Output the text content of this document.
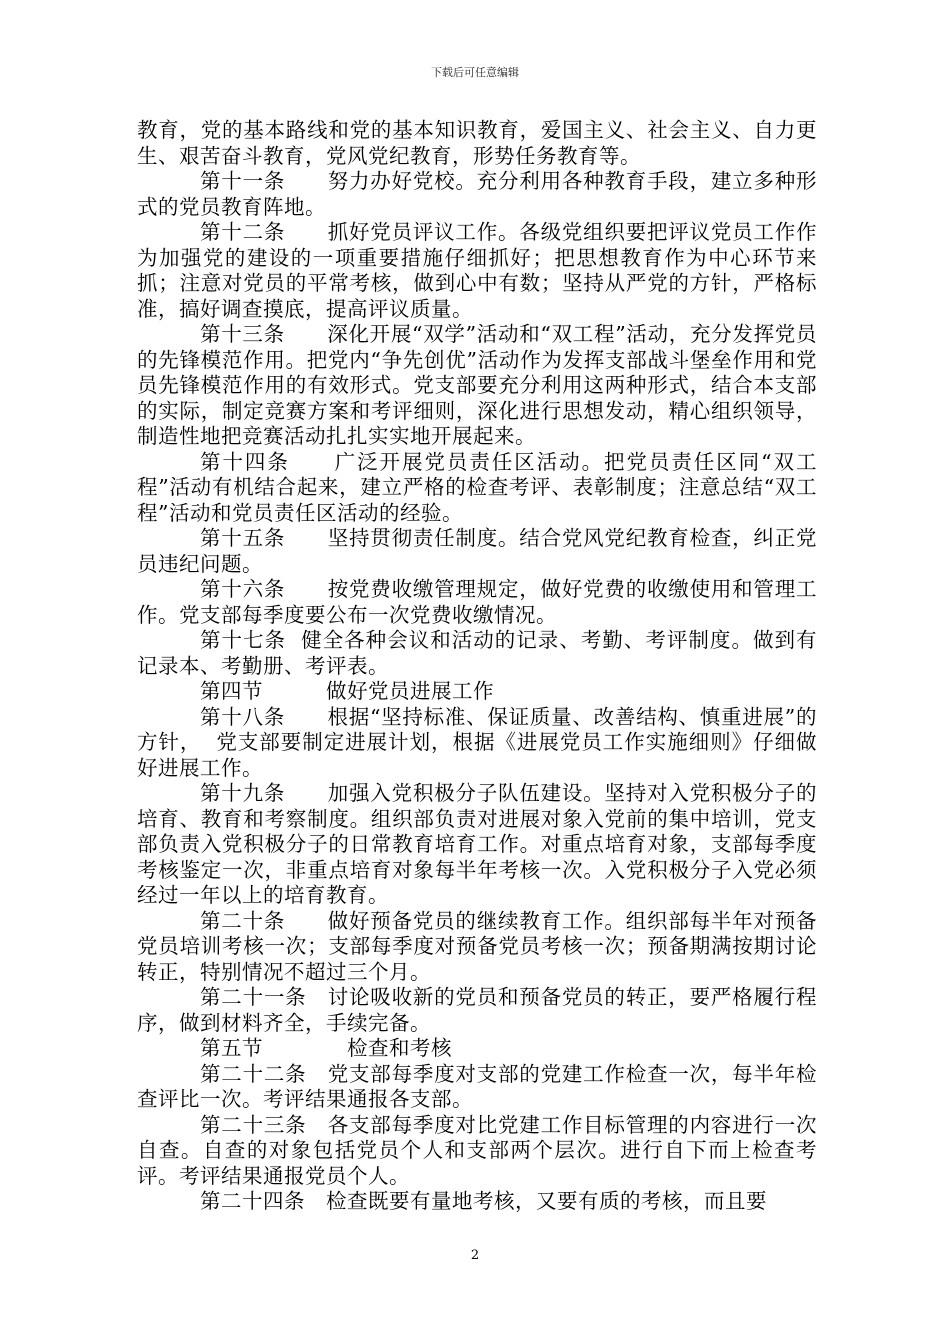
下载后可任意编辑

教育，党的基本路线和党的基本知识教育，爱国主义、社会主义、自力更生、艰苦奋斗教育，党风党纪教育，形势任务教育等。

第十一条　　努力办好党校。充分利用各种教育手段，建立多种形式的党员教育阵地。

第十二条　　抓好党员评议工作。各级党组织要把评议党员工作作为加强党的建设的一项重要措施仔细抓好；把思想教育作为中心环节来抓；注意对党员的平常考核，做到心中有数；坚持从严党的方针，严格标准，搞好调查摸底，提高评议质量。

第十三条　　深化开展“双学”活动和“双工程”活动，充分发挥党员的先锋模范作用。把党内“争先创优”活动作为发挥支部战斗堡垒作用和党员先锋模范作用的有效形式。党支部要充分利用这两种形式，结合本支部的实际，制定竞赛方案和考评细则，深化进行思想发动，精心组织领导，制造性地把竞赛活动扎扎实实地开展起来。

第十四条　　广泛开展党员责任区活动。把党员责任区同“双工程”活动有机结合起来，建立严格的检查考评、表彰制度；注意总结“双工程”活动和党员责任区活动的经验。

第十五条　　坚持贯彻责任制度。结合党风党纪教育检查，纠正党员违纪问题。

第十六条　　按党费收缴管理规定，做好党费的收缴使用和管理工作。党支部每季度要公布一次党费收缴情况。

第十七条  健全各种会议和活动的记录、考勤、考评制度。做到有记录本、考勤册、考评表。

第四节　　　做好党员进展工作

第十八条　　根据“坚持标准、保证质量、改善结构、慎重进展”的方针，  党支部要制定进展计划，根据《进展党员工作实施细则》仔细做好进展工作。

第十九条　　加强入党积极分子队伍建设。坚持对入党积极分子的培育、教育和考察制度。组织部负责对进展对象入党前的集中培训，党支部负责入党积极分子的日常教育培育工作。对重点培育对象，支部每季度考核鉴定一次，非重点培育对象每半年考核一次。入党积极分子入党必须经过一年以上的培育教育。

第二十条　　做好预备党员的继续教育工作。组织部每半年对预备党员培训考核一次；支部每季度对预备党员考核一次；预备期满按期讨论转正，特别情况不超过三个月。

第二十一条　讨论吸收新的党员和预备党员的转正，要严格履行程序，做到材料齐全，手续完备。

第五节　　　　检查和考核

第二十二条　党支部每季度对支部的党建工作检查一次，每半年检查评比一次。考评结果通报各支部。

第二十三条　各支部每季度对比党建工作目标管理的内容进行一次自查。自查的对象包括党员个人和支部两个层次。进行自下而上检查考评。考评结果通报党员个人。

第二十四条　检查既要有量地考核，又要有质的考核，而且要

2
